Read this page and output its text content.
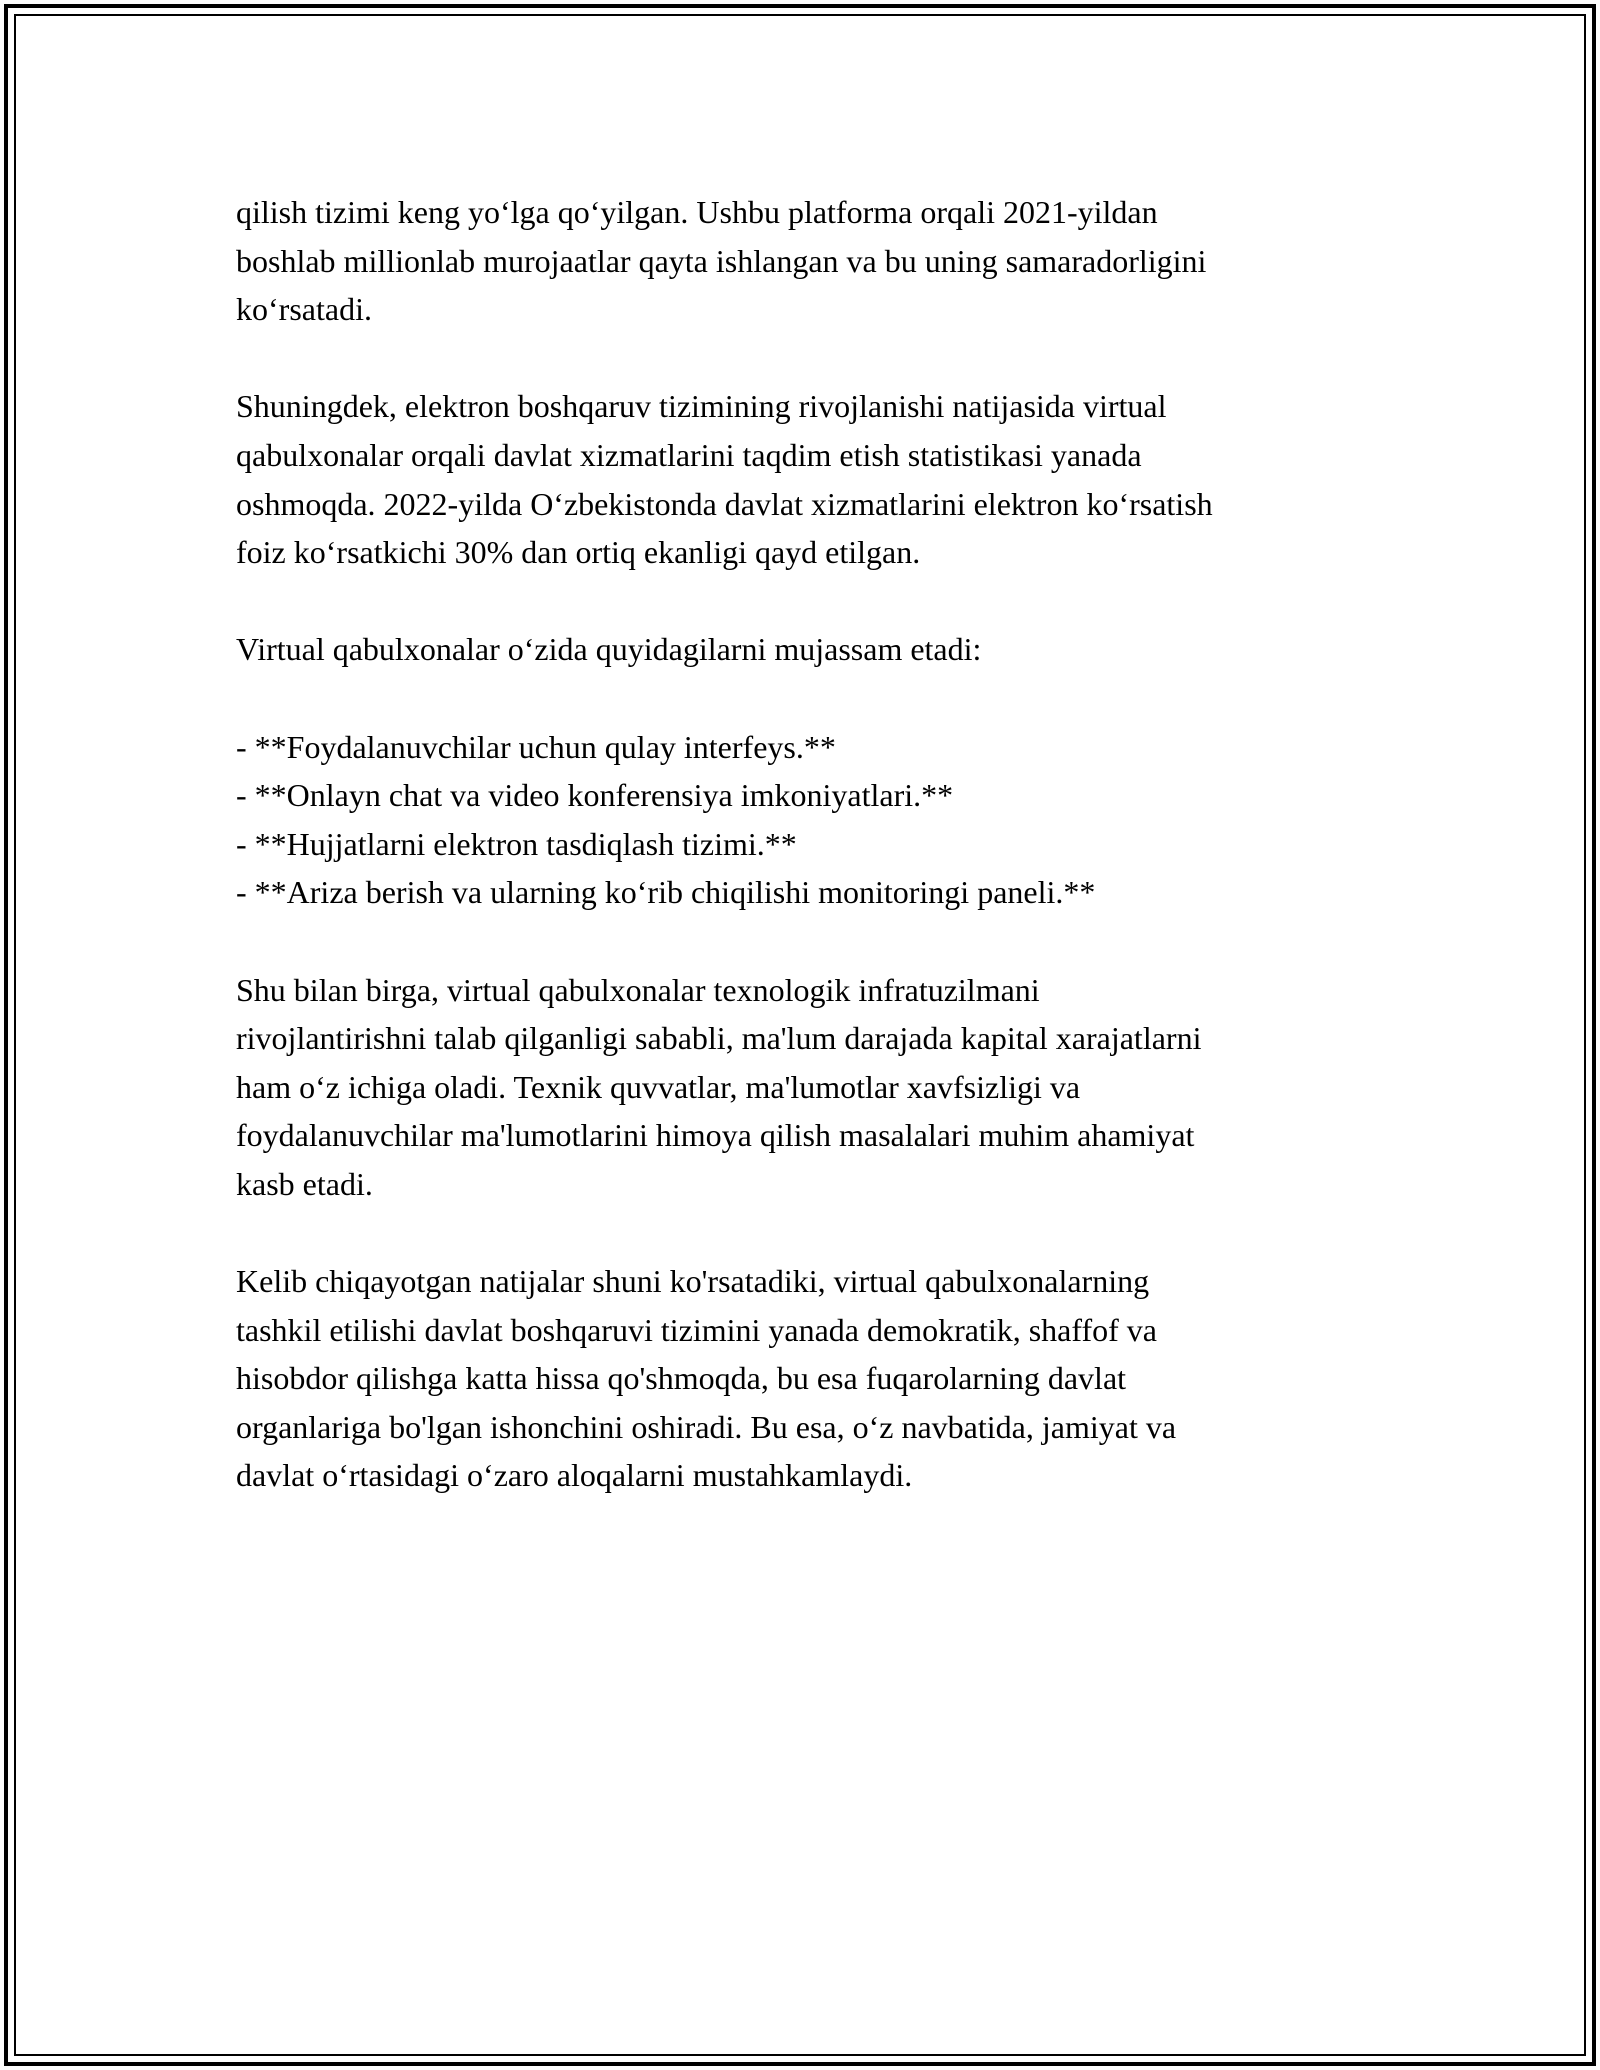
qilish tizimi keng yo‘lga qo‘yilgan. Ushbu platforma orqali 2021-yildan
boshlab millionlab murojaatlar qayta ishlangan va bu uning samaradorligini
ko‘rsatadi.

Shuningdek, elektron boshqaruv tizimining rivojlanishi natijasida virtual
qabulxonalar orqali davlat xizmatlarini taqdim etish statistikasi yanada
oshmoqda. 2022-yilda O‘zbekistonda davlat xizmatlarini elektron ko‘rsatish
foiz ko‘rsatkichi 30% dan ortiq ekanligi qayd etilgan.

Virtual qabulxonalar o‘zida quyidagilarni mujassam etadi:

- **Foydalanuvchilar uchun qulay interfeys.**
- **Onlayn chat va video konferensiya imkoniyatlari.**
- **Hujjatlarni elektron tasdiqlash tizimi.**
- **Ariza berish va ularning ko‘rib chiqilishi monitoringi paneli.**

Shu bilan birga, virtual qabulxonalar texnologik infratuzilmani
rivojlantirishni talab qilganligi sababli, ma'lum darajada kapital xarajatlarni
ham o‘z ichiga oladi. Texnik quvvatlar, ma'lumotlar xavfsizligi va
foydalanuvchilar ma'lumotlarini himoya qilish masalalari muhim ahamiyat
kasb etadi.

Kelib chiqayotgan natijalar shuni ko'rsatadiki, virtual qabulxonalarning
tashkil etilishi davlat boshqaruvi tizimini yanada demokratik, shaffof va
hisobdor qilishga katta hissa qo'shmoqda, bu esa fuqarolarning davlat
organlariga bo'lgan ishonchini oshiradi. Bu esa, o‘z navbatida, jamiyat va
davlat o‘rtasidagi o‘zaro aloqalarni mustahkamlaydi.
